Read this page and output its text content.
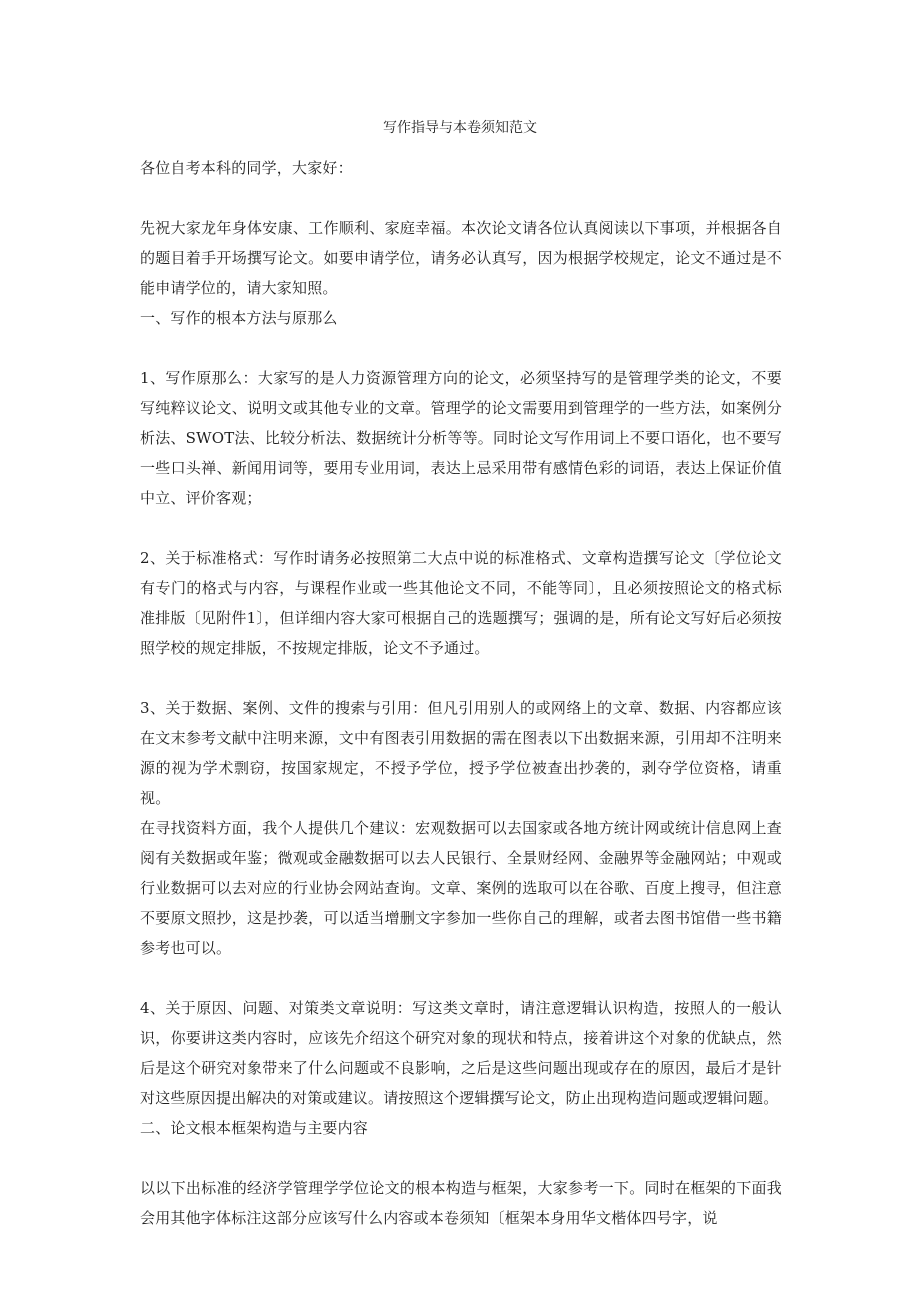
写作指导与本卷须知范文

各位自考本科的同学，大家好：

先祝大家龙年身体安康、工作顺利、家庭幸福。本次论文请各位认真阅读以下事项，并根据各自的题目着手开场撰写论文。如要申请学位，请务必认真写，因为根据学校规定，论文不通过是不能申请学位的，请大家知照。

一、写作的根本方法与原那么

1、写作原那么：大家写的是人力资源管理方向的论文，必须坚持写的是管理学类的论文，不要写纯粹议论文、说明文或其他专业的文章。管理学的论文需要用到管理学的一些方法，如案例分析法、SWOT法、比较分析法、数据统计分析等等。同时论文写作用词上不要口语化，也不要写一些口头禅、新闻用词等，要用专业用词，表达上忌采用带有感情色彩的词语，表达上保证价值中立、评价客观；

2、关于标准格式：写作时请务必按照第二大点中说的标准格式、文章构造撰写论文〔学位论文有专门的格式与内容，与课程作业或一些其他论文不同，不能等同〕，且必须按照论文的格式标准排版〔见附件1〕，但详细内容大家可根据自己的选题撰写；强调的是，所有论文写好后必须按照学校的规定排版，不按规定排版，论文不予通过。

3、关于数据、案例、文件的搜索与引用：但凡引用别人的或网络上的文章、数据、内容都应该在文末参考文献中注明来源，文中有图表引用数据的需在图表以下出数据来源，引用却不注明来源的视为学术剽窃，按国家规定，不授予学位，授予学位被查出抄袭的，剥夺学位资格，请重视。

在寻找资料方面，我个人提供几个建议：宏观数据可以去国家或各地方统计网或统计信息网上查阅有关数据或年鉴；微观或金融数据可以去人民银行、全景财经网、金融界等金融网站；中观或行业数据可以去对应的行业协会网站查询。文章、案例的选取可以在谷歌、百度上搜寻，但注意不要原文照抄，这是抄袭，可以适当增删文字参加一些你自己的理解，或者去图书馆借一些书籍参考也可以。

4、关于原因、问题、对策类文章说明：写这类文章时，请注意逻辑认识构造，按照人的一般认识，你要讲这类内容时，应该先介绍这个研究对象的现状和特点，接着讲这个对象的优缺点，然后是这个研究对象带来了什么问题或不良影响，之后是这些问题出现或存在的原因，最后才是针对这些原因提出解决的对策或建议。请按照这个逻辑撰写论文，防止出现构造问题或逻辑问题。

二、论文根本框架构造与主要内容

以以下出标准的经济学管理学学位论文的根本构造与框架，大家参考一下。同时在框架的下面我会用其他字体标注这部分应该写什么内容或本卷须知〔框架本身用华文楷体四号字，说
